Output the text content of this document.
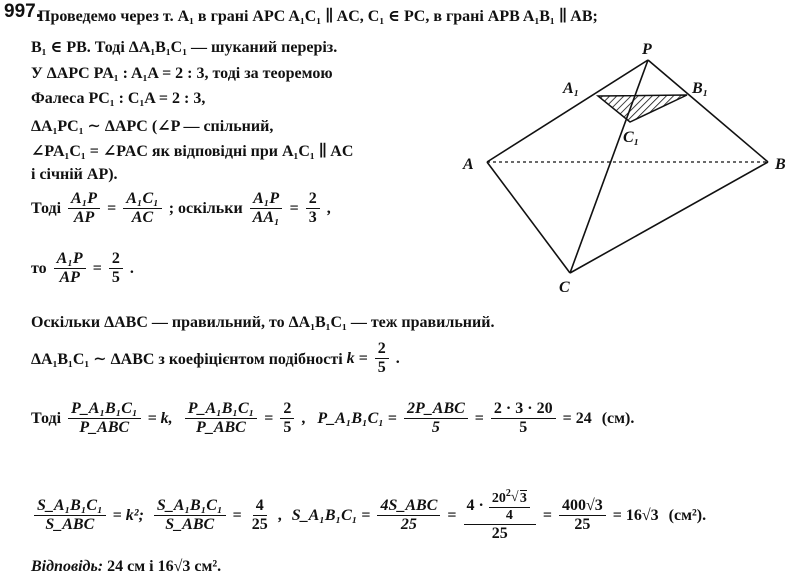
997.
Проведемо через т. A₁ в грані APC A₁C₁ ∥ AC, C₁ ∈ PC, в грані APB A₁B₁ ∥ AB;
B₁ ∈ PB. Тоді ΔA₁B₁C₁ — шуканий переріз.
У ΔAPC PA₁ : A₁A = 2 : 3, тоді за теоремою
Фалеса PC₁ : C₁A = 2 : 3,
ΔA₁PC₁ ∼ ΔAPC (∠P — спільний,
∠PA₁C₁ = ∠PAC як відповідні при A₁C₁ ∥ AC
і січній AP).
Тоді $\frac{\text{A₁P}}{AP} = \frac{\text{A₁C₁}}{AC}$ ; оскільки $\frac{\text{A₁P}}{\text{AA₁}} = \frac{2}{3}$ ,
то $\frac{\text{A₁P}}{AP} = \frac{2}{5}$ .
Оскільки ΔABC — правильний, то ΔA₁B₁C₁ — теж правильний.
ΔA₁B₁C₁ ∼ ΔABC з коефіцієнтом подібності $k = \frac{2}{5}$ .
Тоді $\frac{\text{P\_A₁B₁C₁}}{\text{P\_ABC}} = k$, $\frac{\text{P\_A₁B₁C₁}}{\text{P\_ABC}} = \frac{2}{5}$ , P_A₁B₁C₁ = $\frac{\text{2P\_ABC}}{5} = \frac{2 \cdot 3 \cdot 20}{5} = 24$ (см).
$\frac{\text{S\_A₁B₁C₁}}{\text{S\_ABC}} = k^2$; $\frac{\text{S\_A₁B₁C₁}}{\text{S\_ABC}} = \frac{4}{25}$ , S_A₁B₁C₁ = $\frac{\text{4S\_ABC}}{25} = \frac{4 \cdot \frac{20^2√ 3}{4}}{25} = \frac{400√3}{25} = 16√3$ (см²).
Відповідь: 24 см і 16√3 см².
P
A₁	B₁
C₁
A	B
C
